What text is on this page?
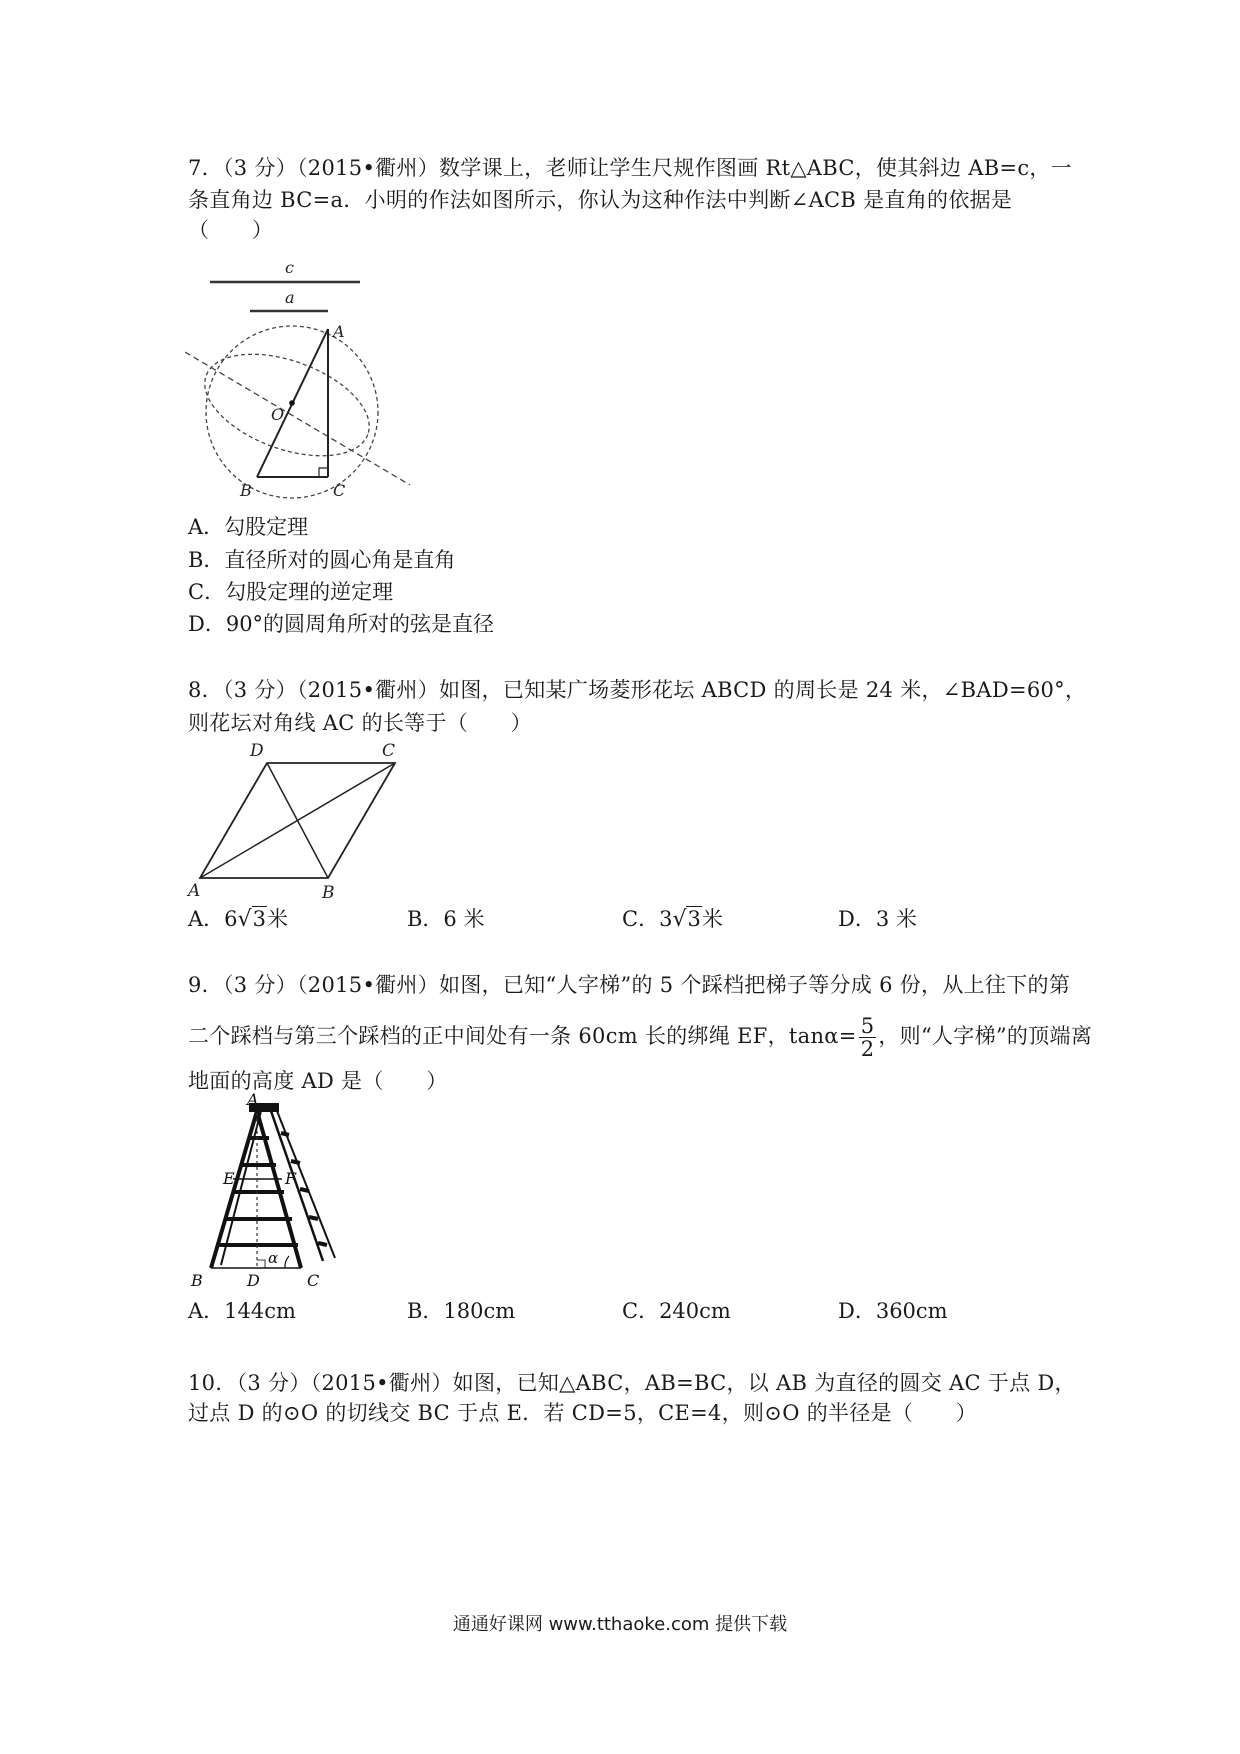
7．（3 分）（2015•衢州）数学课上，老师让学生尺规作图画 Rt△ABC，使其斜边 AB=c，一
条直角边 BC=a．小明的作法如图所示，你认为这种作法中判断∠ACB 是直角的依据是
（　　）
c
a
A
O
B	C
A．勾股定理
B．直径所对的圆心角是直角
C．勾股定理的逆定理
D．90°的圆周角所对的弦是直径
8．（3 分）（2015•衢州）如图，已知某广场菱形花坛 ABCD 的周长是 24 米，∠BAD=60°，
则花坛对角线 AC 的长等于（　　）
D	C
A	B
A．6√3米	B．6 米	C．3√3米	D．3 米
9．（3 分）（2015•衢州）如图，已知“人字梯”的 5 个踩档把梯子等分成 6 份，从上往下的第
二个踩档与第三个踩档的正中间处有一条 60cm 长的绑绳 EF，$\tan\alpha= \frac{5}{2}$ ，则“人字梯”的顶端离
地面的高度 AD 是（　　）
A
E	F
α
B	D	C
A．144cm	B．180cm	C．240cm	D．360cm
10．（3 分）（2015•衢州）如图，已知△ABC，AB=BC，以 AB 为直径的圆交 AC 于点 D，
过点 D 的⊙O 的切线交 BC 于点 E．若 CD=5，CE=4，则⊙O 的半径是（　　）
通通好课网 www.tthaoke.com 提供下载
